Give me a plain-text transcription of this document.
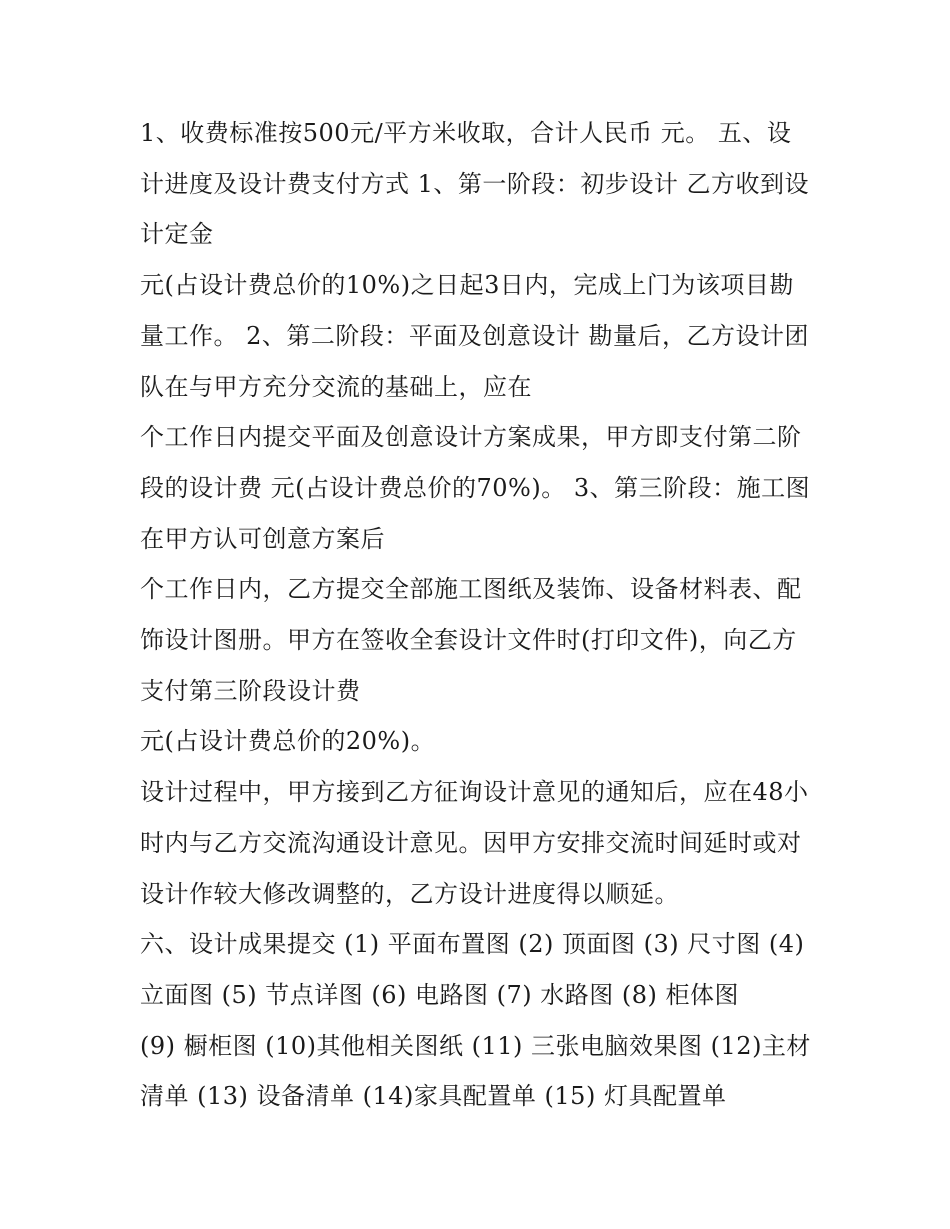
1、收费标准按500元/平方米收取，合计人民币 元。 五、设计进度及设计费支付方式 1、第一阶段：初步设计 乙方收到设计定金

元(占设计费总价的10%)之日起3日内，完成上门为该项目勘量工作。 2、第二阶段：平面及创意设计 勘量后，乙方设计团队在与甲方充分交流的基础上，应在

个工作日内提交平面及创意设计方案成果，甲方即支付第二阶段的设计费 元(占设计费总价的70%)。 3、第三阶段：施工图在甲方认可创意方案后

个工作日内，乙方提交全部施工图纸及装饰、设备材料表、配饰设计图册。甲方在签收全套设计文件时(打印文件)，向乙方支付第三阶段设计费

元(占设计费总价的20%)。

设计过程中，甲方接到乙方征询设计意见的通知后，应在48小时内与乙方交流沟通设计意见。因甲方安排交流时间延时或对设计作较大修改调整的，乙方设计进度得以顺延。

六、设计成果提交 (1) 平面布置图 (2) 顶面图 (3) 尺寸图 (4) 立面图 (5) 节点详图 (6) 电路图 (7) 水路图 (8) 柜体图

(9) 橱柜图 (10)其他相关图纸 (11) 三张电脑效果图 (12)主材清单 (13) 设备清单 (14)家具配置单 (15) 灯具配置单
